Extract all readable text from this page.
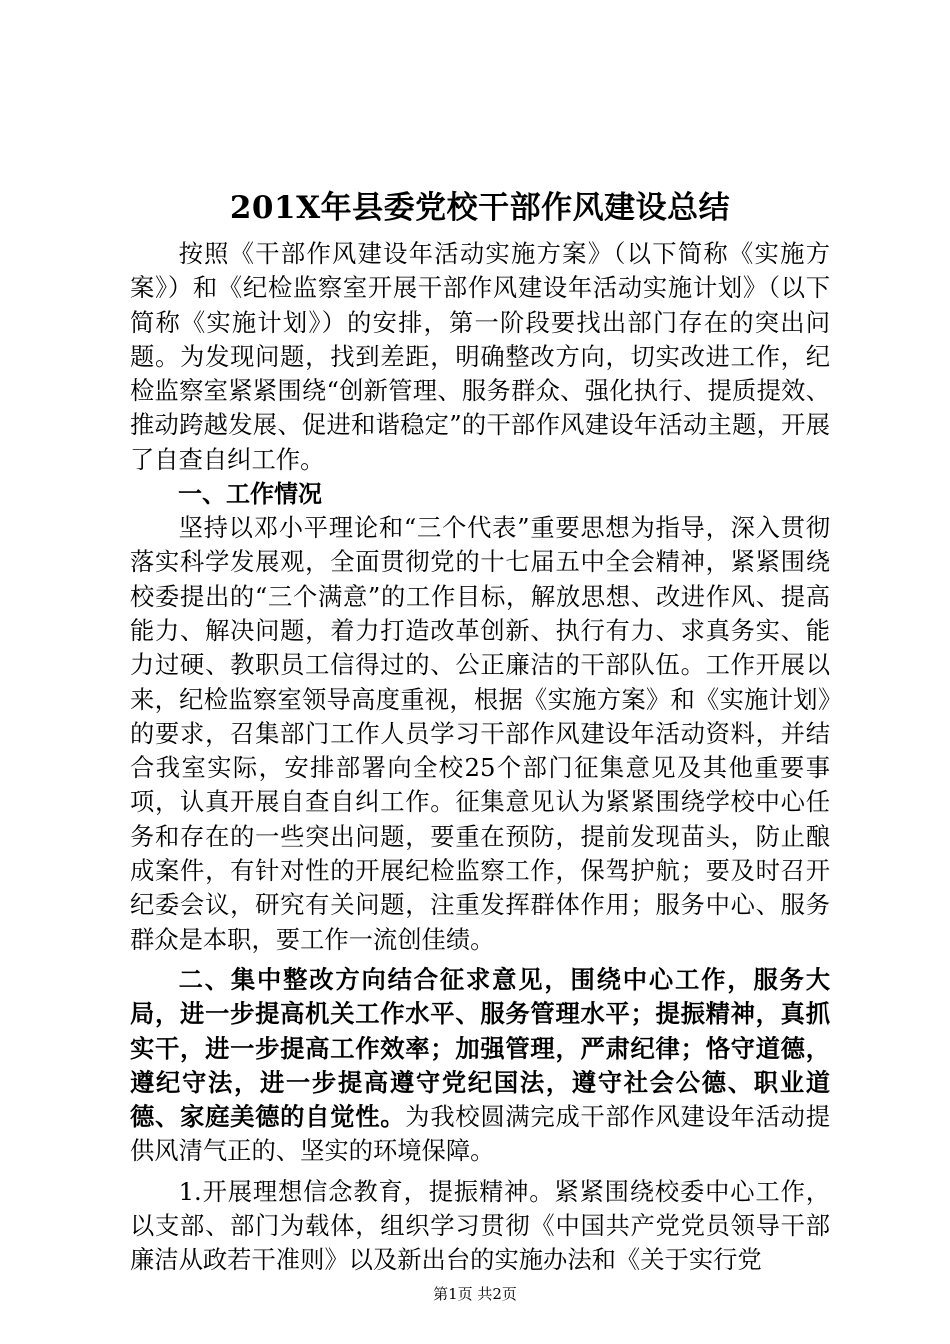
201X年县委党校干部作风建设总结

按照《干部作风建设年活动实施方案》（以下简称《实施方案》）和《纪检监察室开展干部作风建设年活动实施计划》（以下简称《实施计划》）的安排，第一阶段要找出部门存在的突出问题。为发现问题，找到差距，明确整改方向，切实改进工作，纪检监察室紧紧围绕“创新管理、服务群众、强化执行、提质提效、推动跨越发展、促进和谐稳定”的干部作风建设年活动主题，开展了自查自纠工作。

一、工作情况

坚持以邓小平理论和“三个代表”重要思想为指导，深入贯彻落实科学发展观，全面贯彻党的十七届五中全会精神，紧紧围绕校委提出的“三个满意”的工作目标，解放思想、改进作风、提高能力、解决问题，着力打造改革创新、执行有力、求真务实、能力过硬、教职员工信得过的、公正廉洁的干部队伍。工作开展以来，纪检监察室领导高度重视，根据《实施方案》和《实施计划》的要求，召集部门工作人员学习干部作风建设年活动资料，并结合我室实际，安排部署向全校25个部门征集意见及其他重要事项，认真开展自查自纠工作。征集意见认为紧紧围绕学校中心任务和存在的一些突出问题，要重在预防，提前发现苗头，防止酿成案件，有针对性的开展纪检监察工作，保驾护航；要及时召开纪委会议，研究有关问题，注重发挥群体作用；服务中心、服务群众是本职，要工作一流创佳绩。

二、集中整改方向结合征求意见，围绕中心工作，服务大局，进一步提高机关工作水平、服务管理水平；提振精神，真抓实干，进一步提高工作效率；加强管理，严肃纪律；恪守道德，遵纪守法，进一步提高遵守党纪国法，遵守社会公德、职业道德、家庭美德的自觉性。为我校圆满完成干部作风建设年活动提供风清气正的、坚实的环境保障。

1.开展理想信念教育，提振精神。紧紧围绕校委中心工作，以支部、部门为载体，组织学习贯彻《中国共产党党员领导干部廉洁从政若干准则》以及新出台的实施办法和《关于实行党

第1页 共2页
